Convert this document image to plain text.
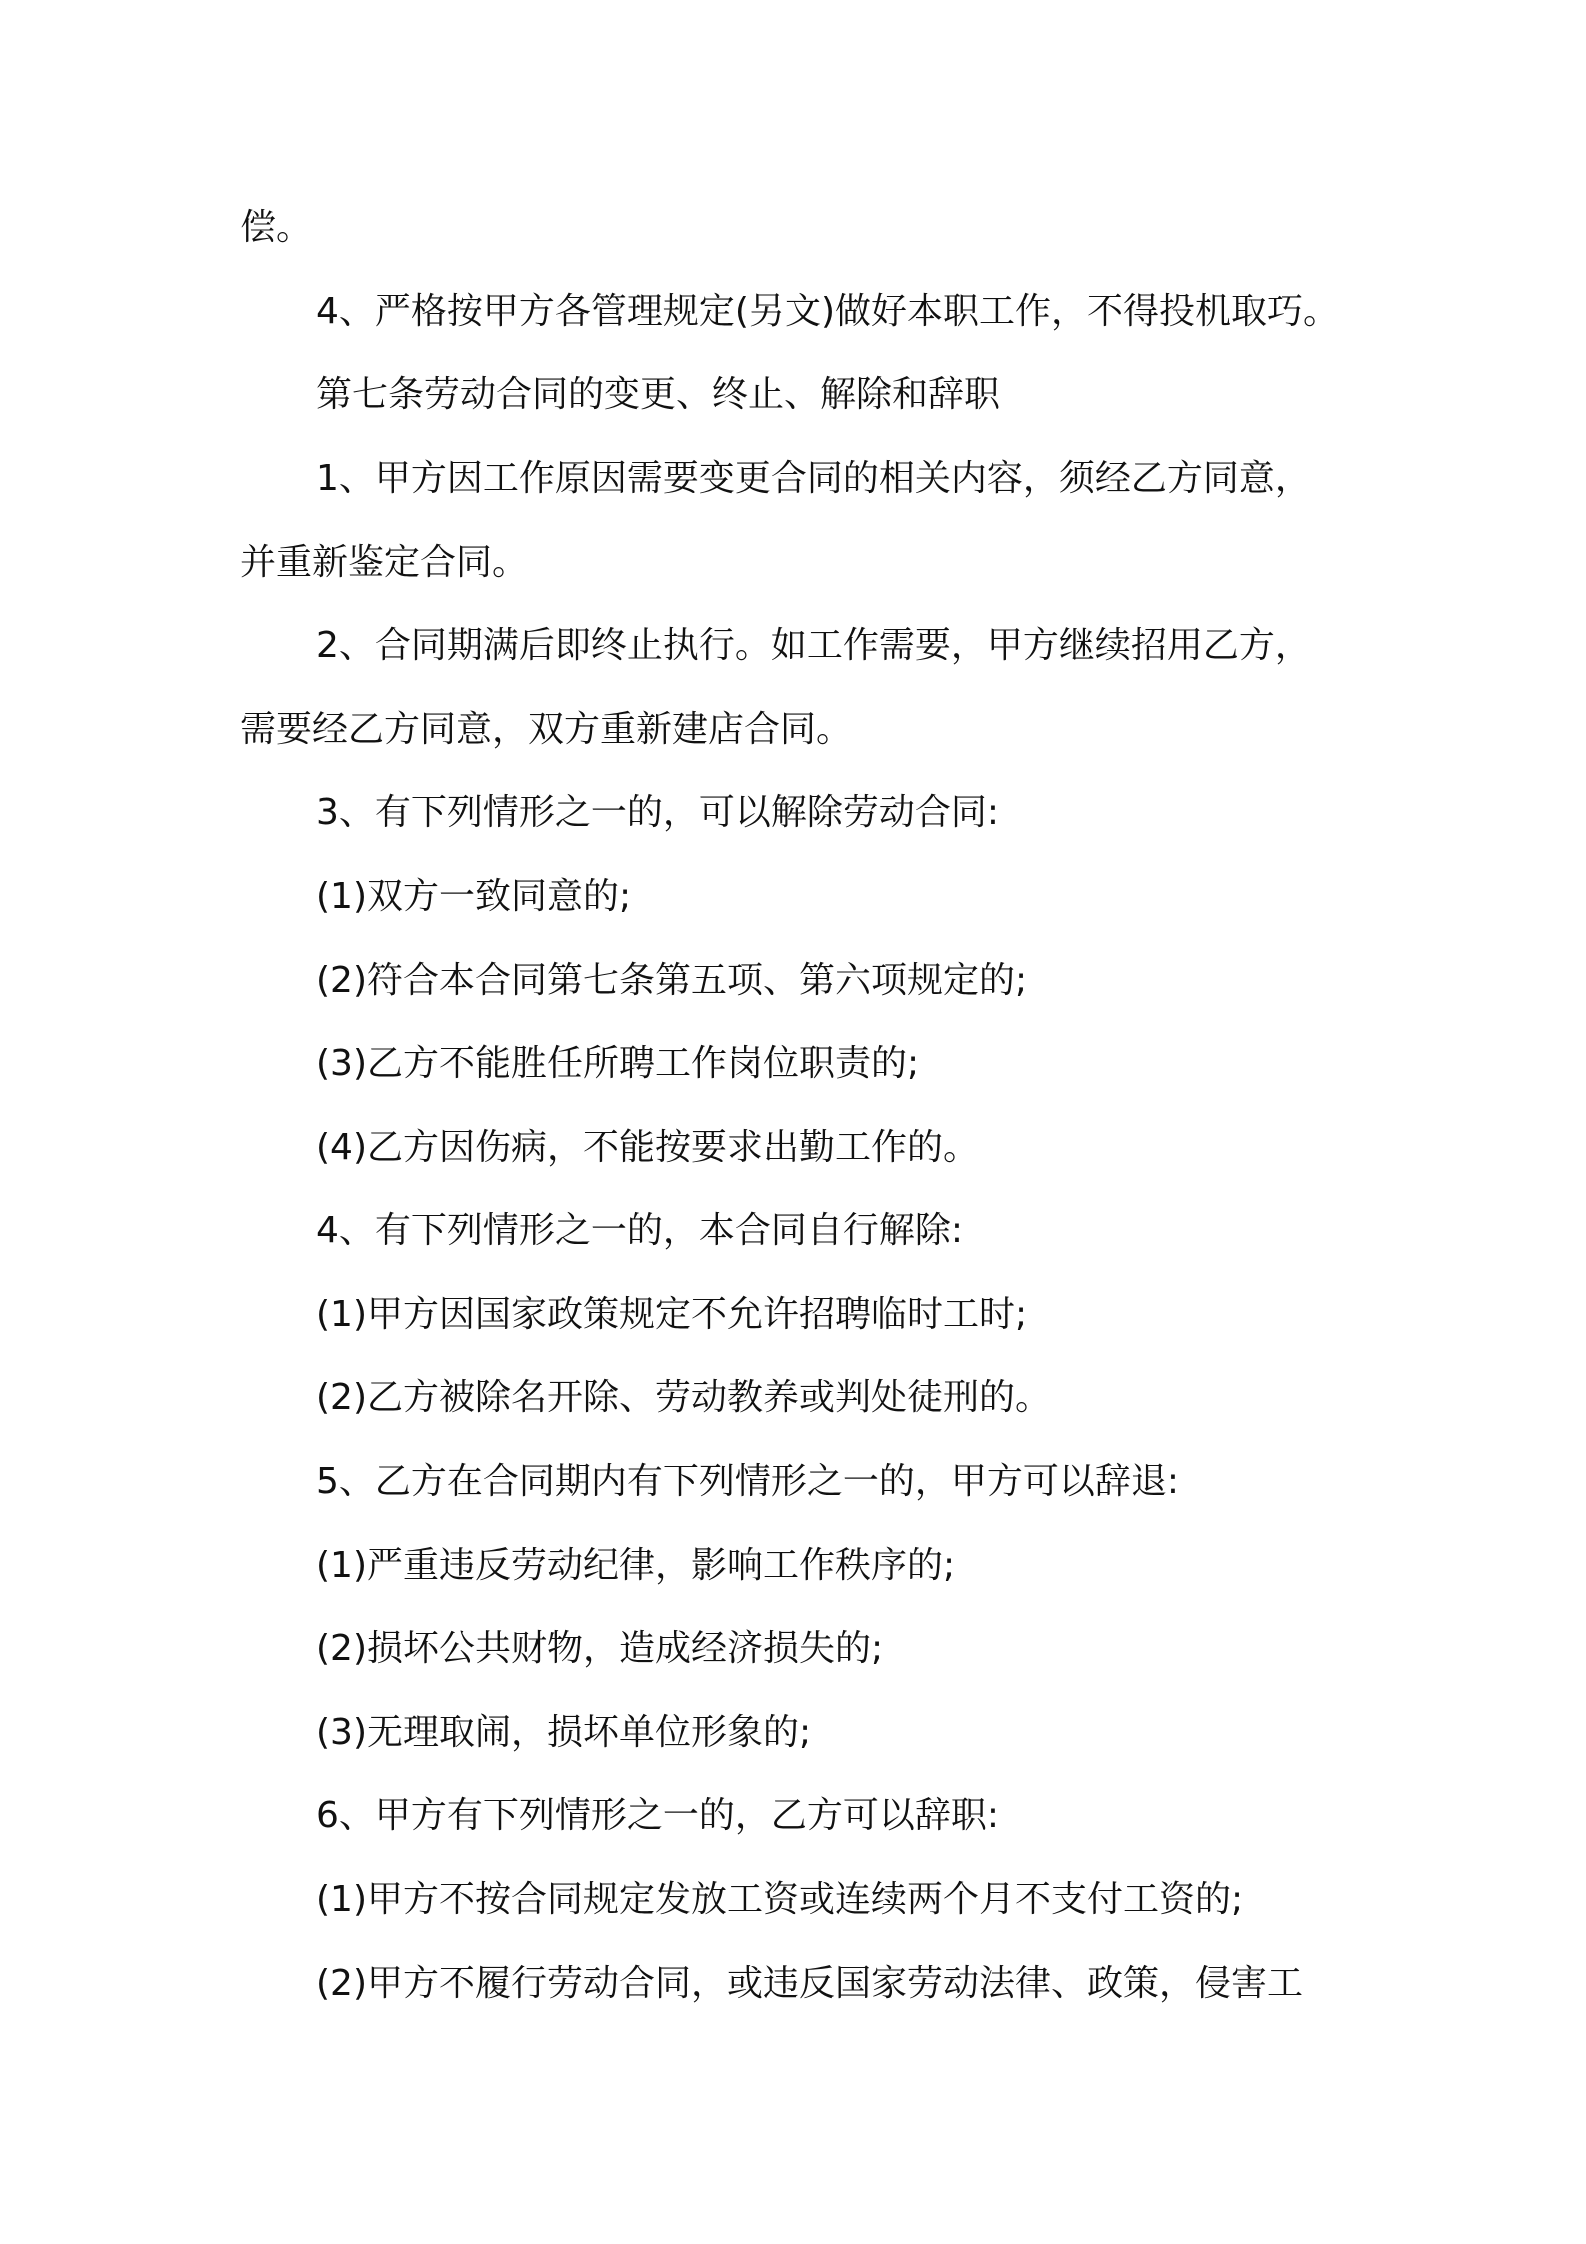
偿。
4、严格按甲方各管理规定(另文)做好本职工作，不得投机取巧。
第七条劳动合同的变更、终止、解除和辞职
1、甲方因工作原因需要变更合同的相关内容，须经乙方同意，
并重新鉴定合同。
2、合同期满后即终止执行。如工作需要，甲方继续招用乙方，
需要经乙方同意，双方重新建店合同。
3、有下列情形之一的，可以解除劳动合同:
(1)双方一致同意的;
(2)符合本合同第七条第五项、第六项规定的;
(3)乙方不能胜任所聘工作岗位职责的;
(4)乙方因伤病，不能按要求出勤工作的。
4、有下列情形之一的，本合同自行解除:
(1)甲方因国家政策规定不允许招聘临时工时;
(2)乙方被除名开除、劳动教养或判处徒刑的。
5、乙方在合同期内有下列情形之一的，甲方可以辞退:
(1)严重违反劳动纪律，影响工作秩序的;
(2)损坏公共财物，造成经济损失的;
(3)无理取闹，损坏单位形象的;
6、甲方有下列情形之一的，乙方可以辞职:
(1)甲方不按合同规定发放工资或连续两个月不支付工资的;
(2)甲方不履行劳动合同，或违反国家劳动法律、政策，侵害工
